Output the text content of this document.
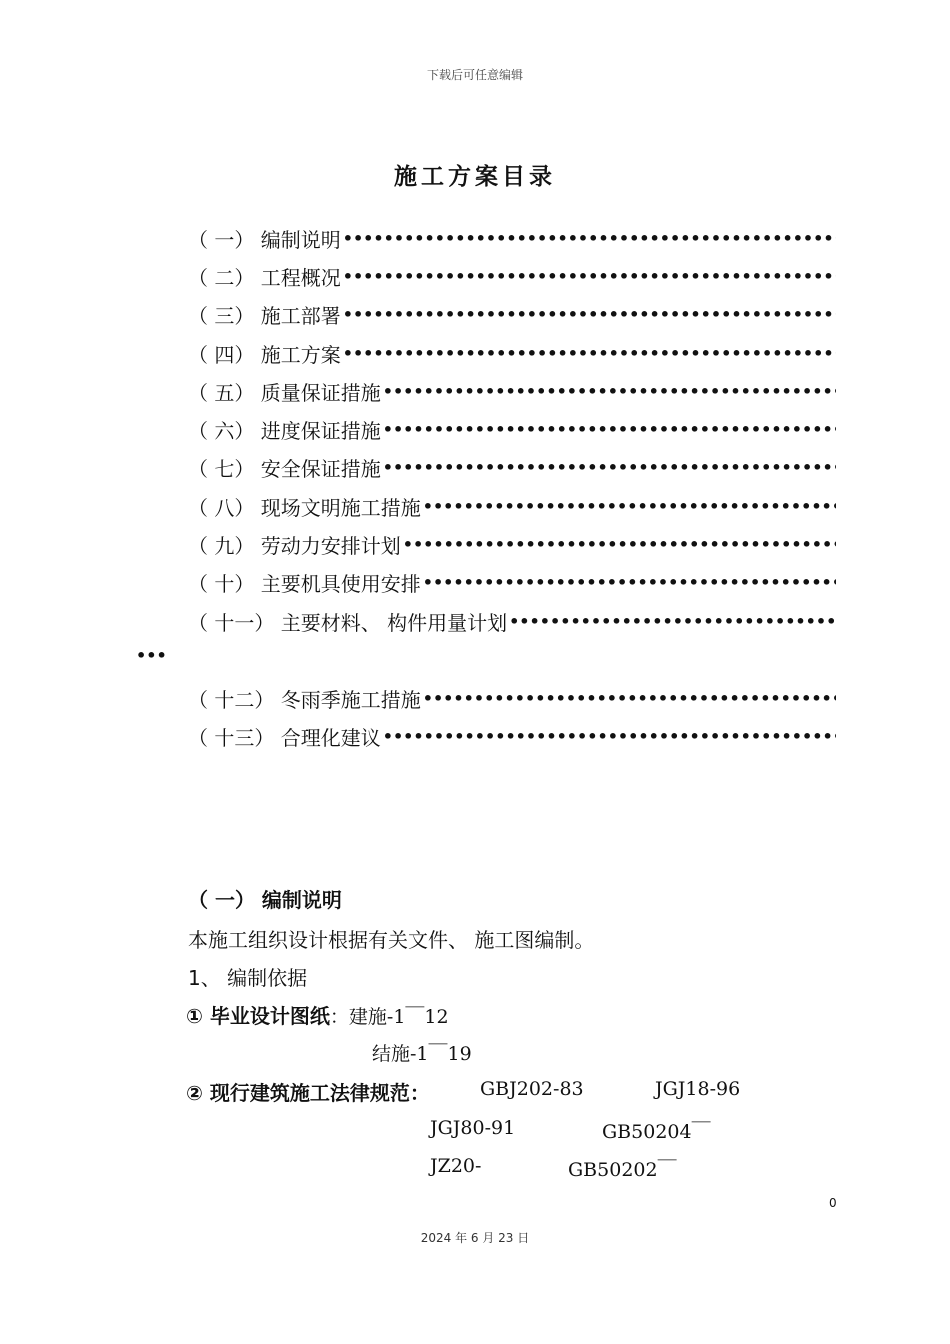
下载后可任意编辑
施工方案目录
（ 一） 编制说明
•••••
（ 二） 工程概况
•••••
（ 三） 施工部署
•••••
（ 四） 施工方案
•••••
（ 五） 质量保证措施
•••••
（ 六） 进度保证措施
•••••
（ 七） 安全保证措施
•••••
（ 八） 现场文明施工措施
•••••
（ 九） 劳动力安排计划
•••••
（ 十） 主要机具使用安排
•••••
（ 十一） 主要材料、 构件用量计划
•••••
•••
（ 十二） 冬雨季施工措施
•••••
（ 十三） 合理化建议
•••••
（ 一） 编制说明
本施工组织设计根据有关文件、 施工图编制。
1、 编制依据
① 毕业设计图纸：建施-1￣12
结施-1￣19
② 现行建筑施工法律规范：	GBJ202-83	JGJ18-96
JGJ80-91	GB50204￣
JZ20-	GB50202￣
0
2024 年 6 月 23 日
